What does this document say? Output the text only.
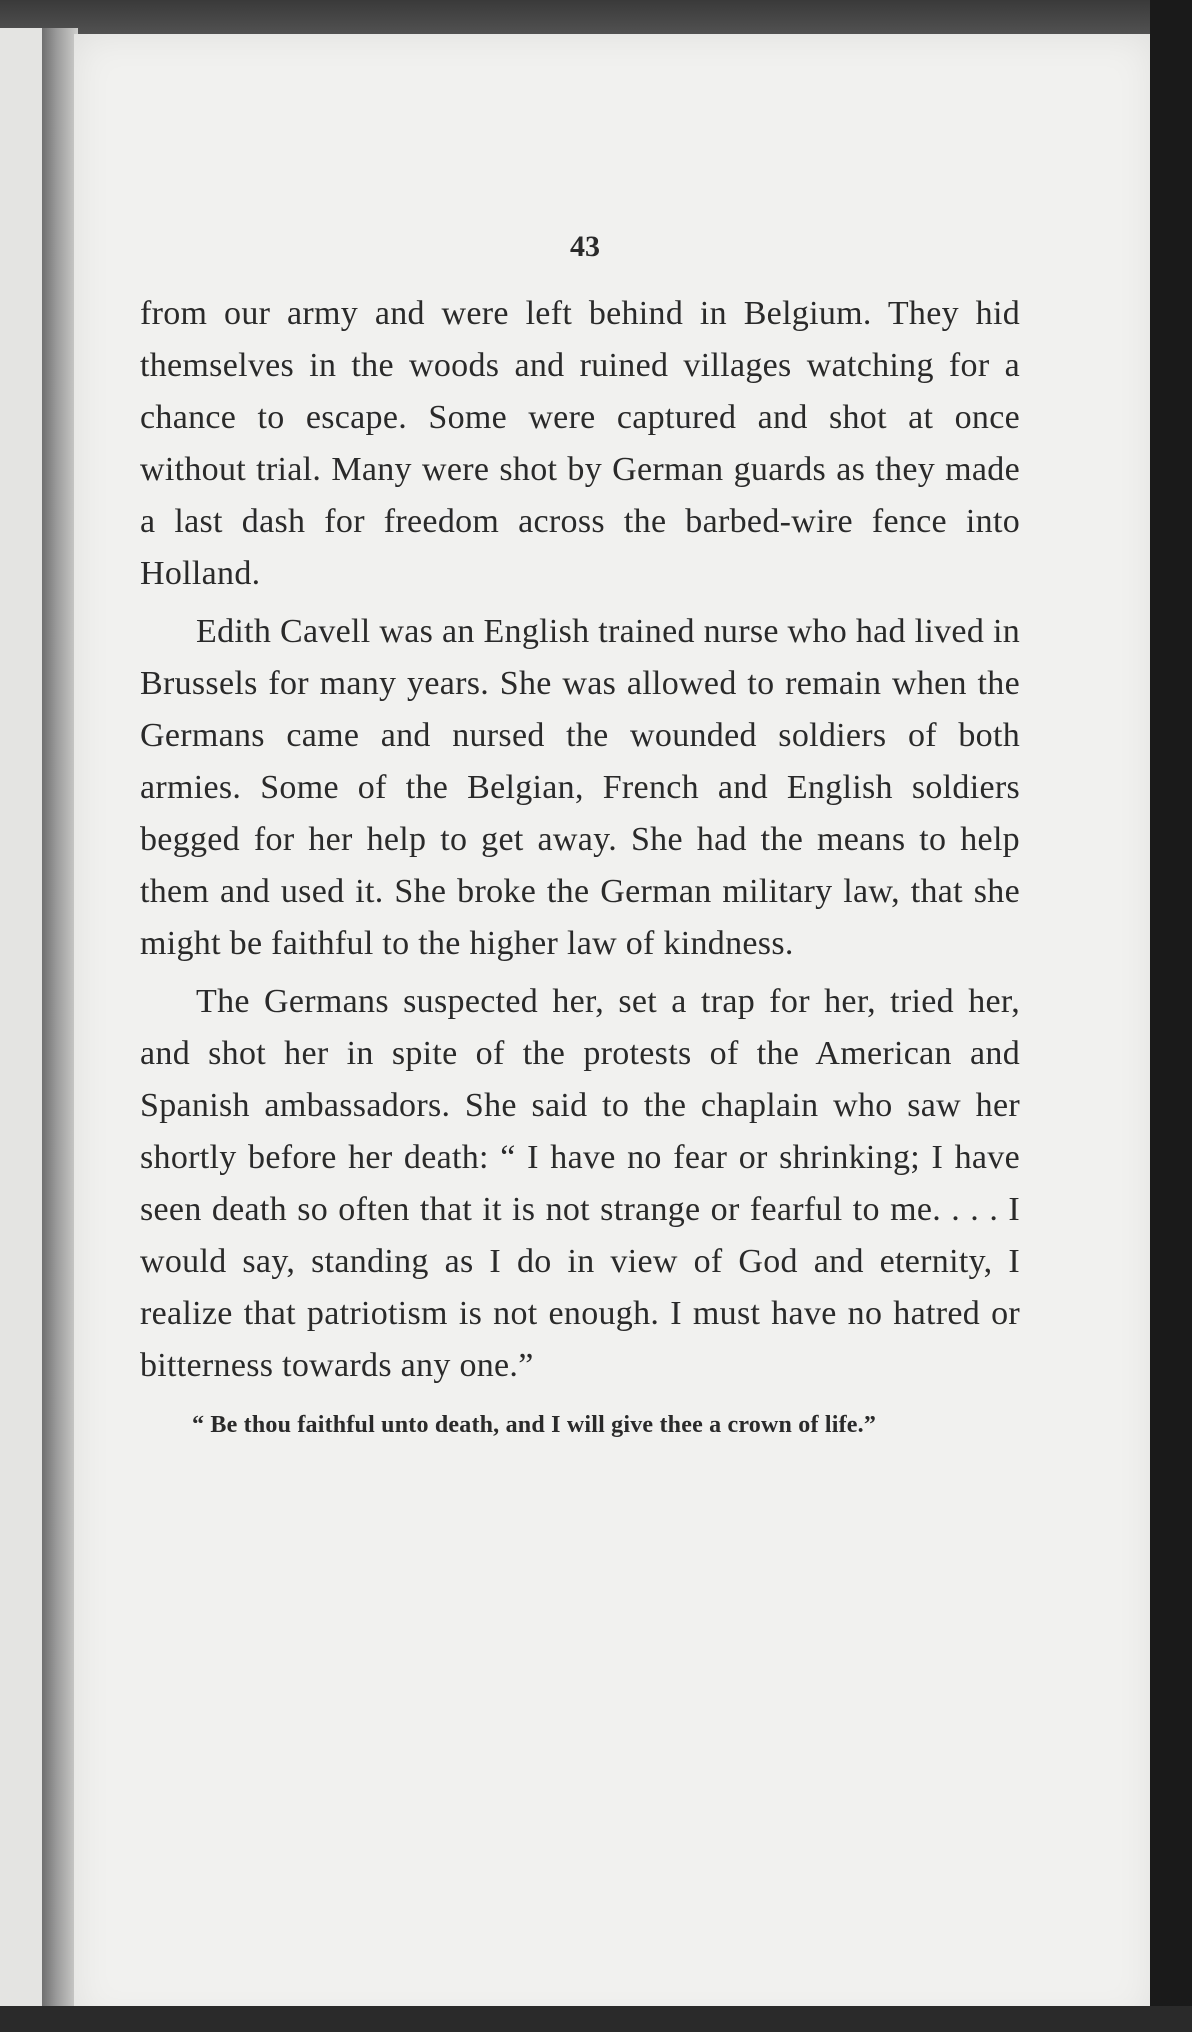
43

from our army and were left behind in Belgium. They hid themselves in the woods and ruined villages watching for a chance to escape. Some were captured and shot at once without trial. Many were shot by German guards as they made a last dash for freedom across the barbed-wire fence into Holland.

Edith Cavell was an English trained nurse who had lived in Brussels for many years. She was allowed to remain when the Germans came and nursed the wounded soldiers of both armies. Some of the Belgian, French and English soldiers begged for her help to get away. She had the means to help them and used it. She broke the German military law, that she might be faithful to the higher law of kindness.

The Germans suspected her, set a trap for her, tried her, and shot her in spite of the protests of the American and Spanish ambassadors. She said to the chaplain who saw her shortly before her death: “ I have no fear or shrinking; I have seen death so often that it is not strange or fearful to me. . . . I would say, standing as I do in view of God and eternity, I realize that patriotism is not enough. I must have no hatred or bitterness towards any one.”

“ Be thou faithful unto death, and I will give thee a crown of life.”
